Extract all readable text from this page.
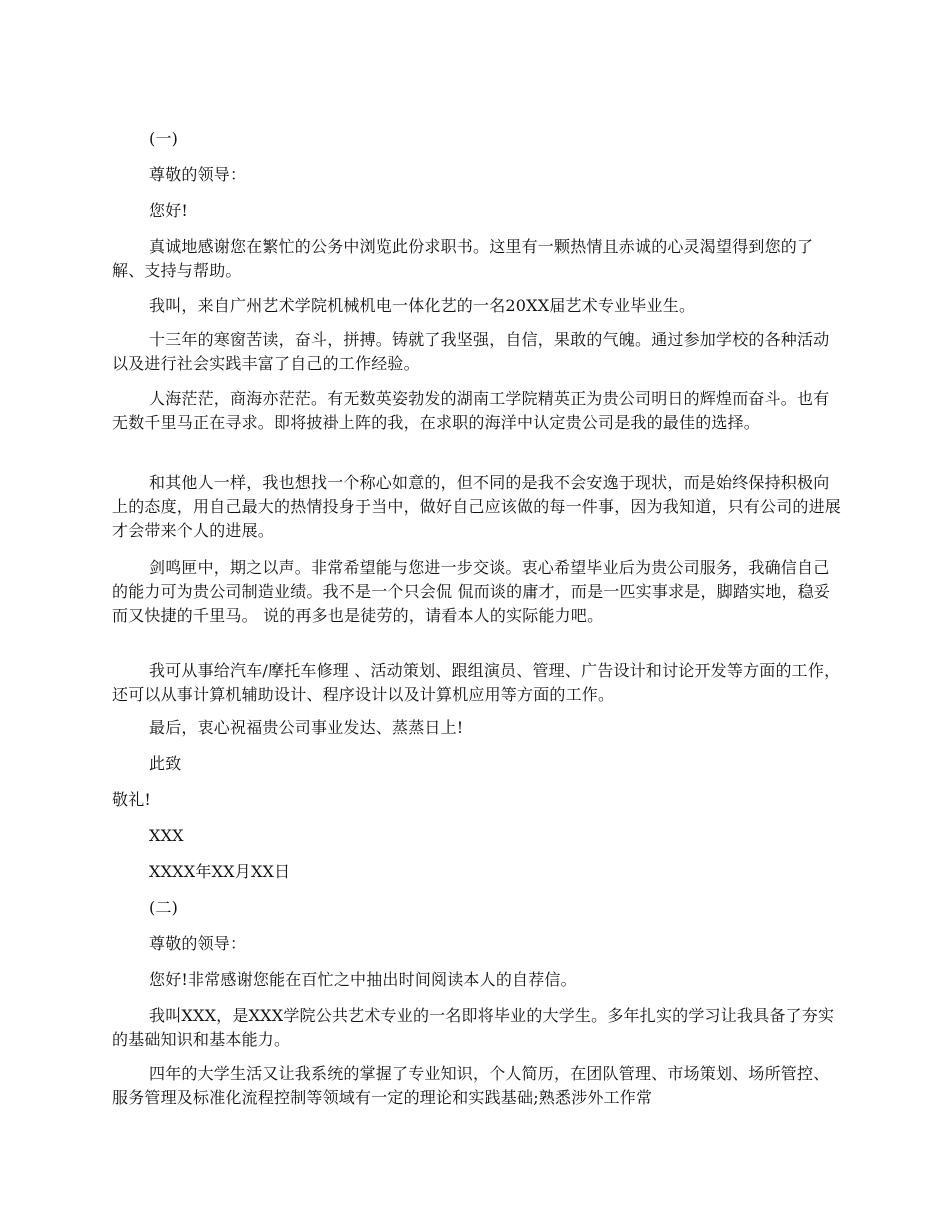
(一)

尊敬的领导：

您好!

真诚地感谢您在繁忙的公务中浏览此份求职书。这里有一颗热情且赤诚的心灵渴望得到您的了解、支持与帮助。

我叫，来自广州艺术学院机械机电一体化艺的一名20XX届艺术专业毕业生。

十三年的寒窗苦读，奋斗，拼搏。铸就了我坚强，自信，果敢的气魄。通过参加学校的各种活动以及进行社会实践丰富了自己的工作经验。

人海茫茫，商海亦茫茫。有无数英姿勃发的湖南工学院精英正为贵公司明日的辉煌而奋斗。也有无数千里马正在寻求。即将披褂上阵的我，在求职的海洋中认定贵公司是我的最佳的选择。

和其他人一样，我也想找一个称心如意的，但不同的是我不会安逸于现状，而是始终保持积极向上的态度，用自己最大的热情投身于当中，做好自己应该做的每一件事，因为我知道，只有公司的进展才会带来个人的进展。

剑鸣匣中，期之以声。非常希望能与您进一步交谈。衷心希望毕业后为贵公司服务，我确信自己的能力可为贵公司制造业绩。我不是一个只会侃 侃而谈的庸才，而是一匹实事求是，脚踏实地，稳妥而又快捷的千里马。 说的再多也是徒劳的，请看本人的实际能力吧。

我可从事给汽车/摩托车修理 、活动策划、跟组演员、管理、广告设计和讨论开发等方面的工作，还可以从事计算机辅助设计、程序设计以及计算机应用等方面的工作。

最后，衷心祝福贵公司事业发达、蒸蒸日上!

此致

敬礼!

XXX

XXXX年XX月XX日

(二)

尊敬的领导：

您好!非常感谢您能在百忙之中抽出时间阅读本人的自荐信。

我叫XXX，是XXX学院公共艺术专业的一名即将毕业的大学生。多年扎实的学习让我具备了夯实的基础知识和基本能力。

四年的大学生活又让我系统的掌握了专业知识，个人简历，在团队管理、市场策划、场所管控、服务管理及标准化流程控制等领域有一定的理论和实践基础;熟悉涉外工作常
